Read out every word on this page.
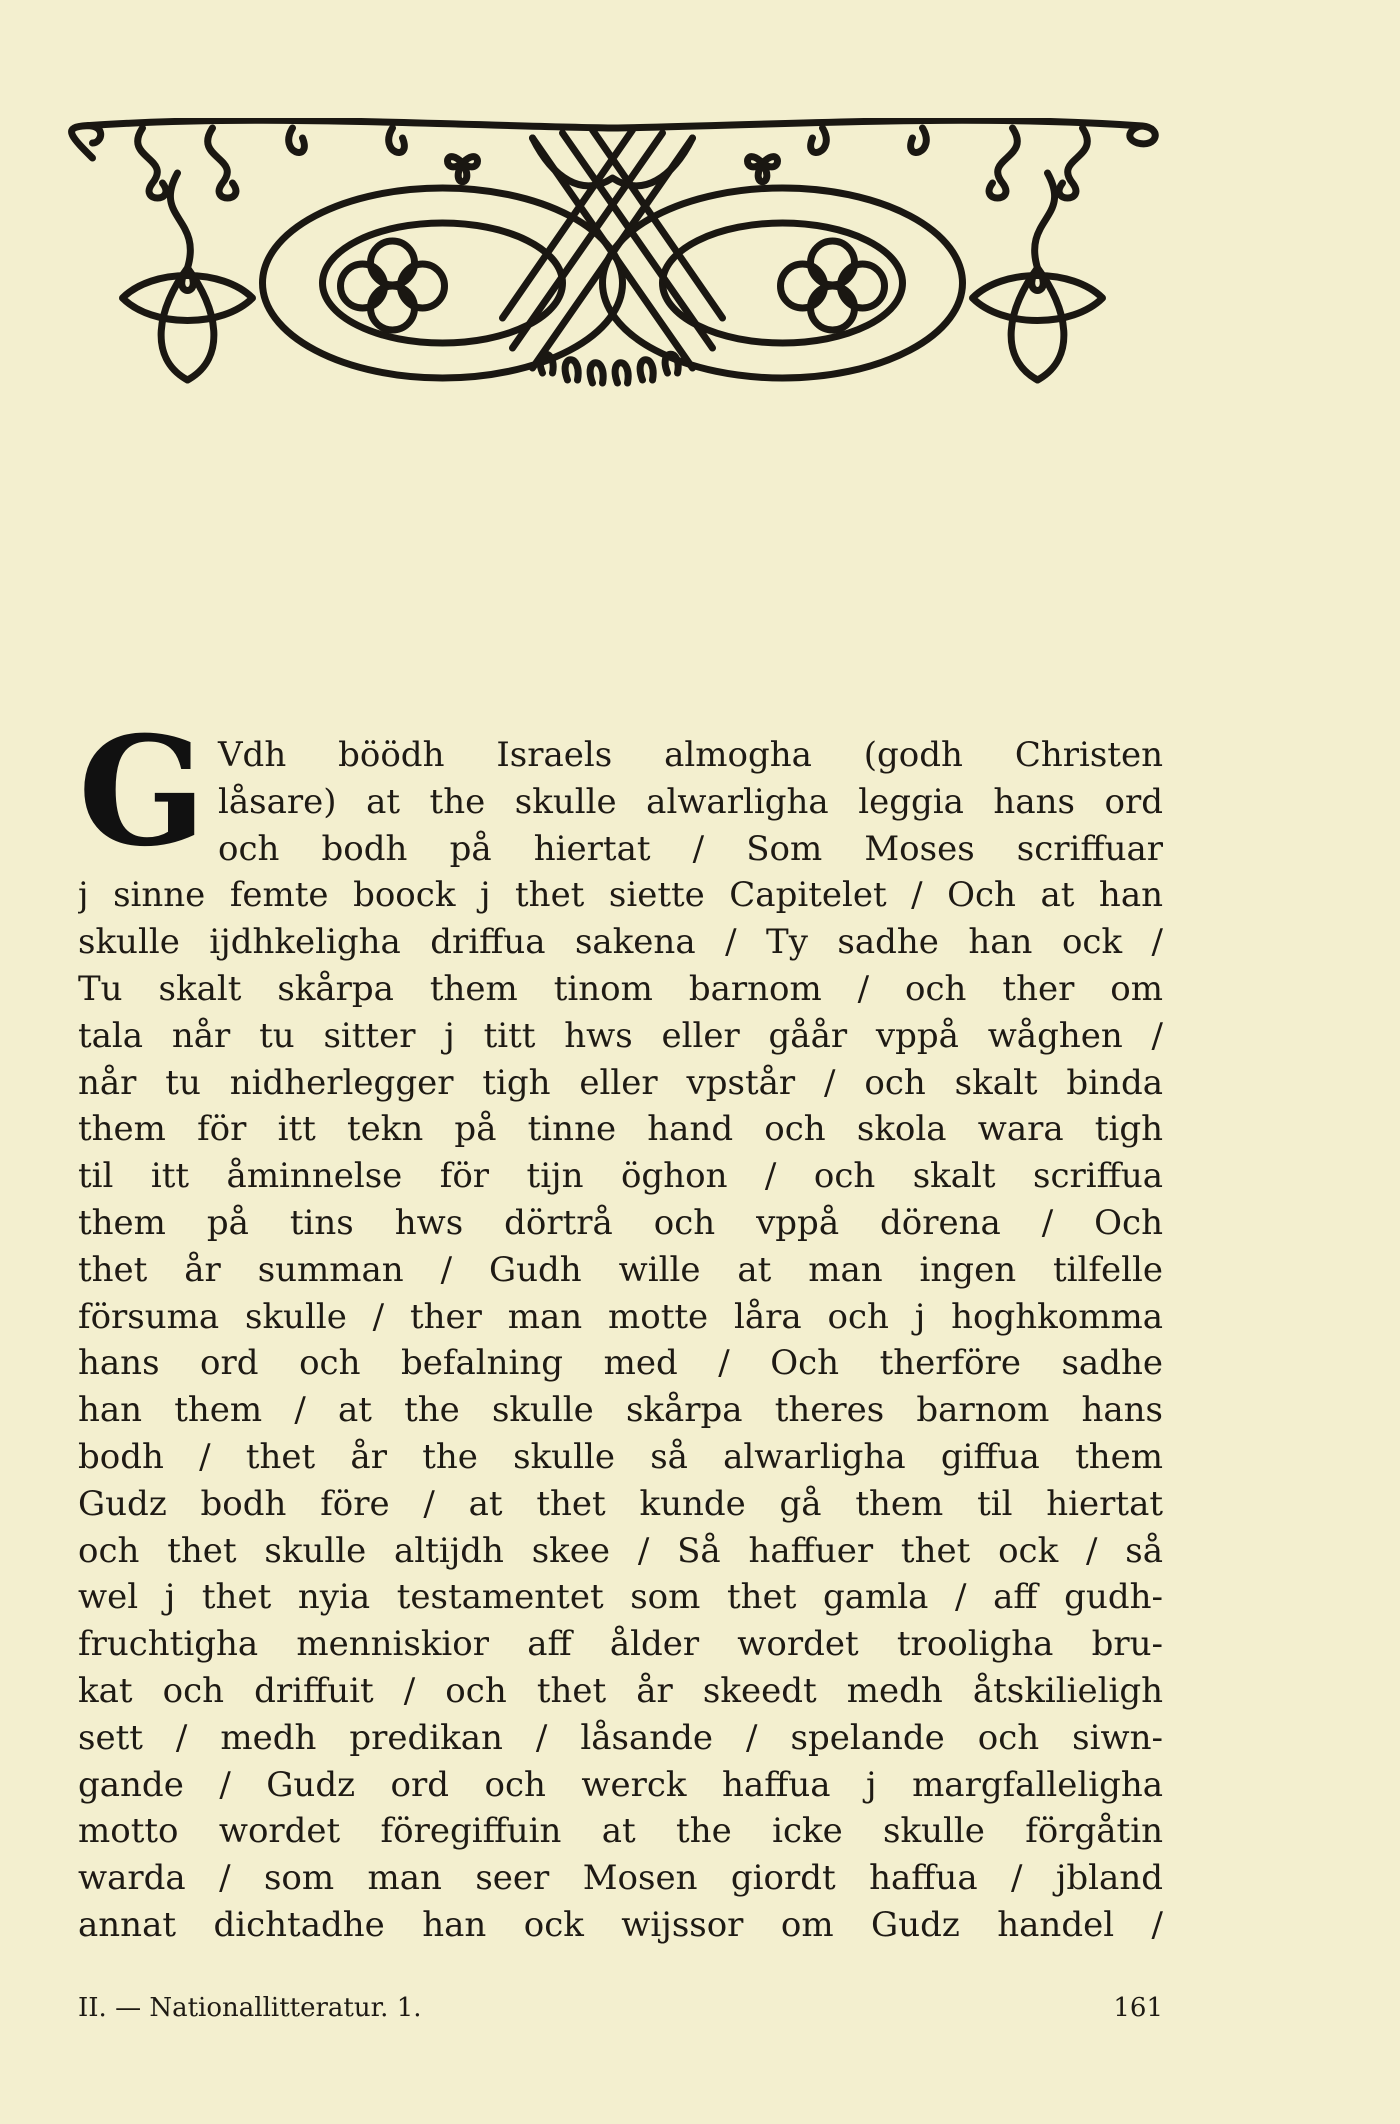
G Vdh böödh Israels almogha (godh Christen
låsare) at the skulle alwarligha leggia hans ord
och bodh på hiertat / Som Moses scriffuar
j sinne femte boock j thet siette Capitelet / Och at han
skulle ijdhkeligha driffua sakena / Ty sadhe han ock /
Tu skalt skårpa them tinom barnom / och ther om
tala når tu sitter j titt hws eller gåår vppå wåghen /
når tu nidherlegger tigh eller vpstår / och skalt binda
them för itt tekn på tinne hand och skola wara tigh
til itt åminnelse för tijn öghon / och skalt scriffua
them på tins hws dörtrå och vppå dörena / Och
thet år summan / Gudh wille at man ingen tilfelle
försuma skulle / ther man motte låra och j hoghkomma
hans ord och befalning med / Och therföre sadhe
han them / at the skulle skårpa theres barnom hans
bodh / thet år the skulle så alwarligha giffua them
Gudz bodh före / at thet kunde gå them til hiertat
och thet skulle altijdh skee / Så haffuer thet ock / så
wel j thet nyia testamentet som thet gamla / aff gudh-
fruchtigha menniskior aff ålder wordet trooligha bru-
kat och driffuit / och thet år skeedt medh åtskilieligh
sett / medh predikan / låsande / spelande och siwn-
gande / Gudz ord och werck haffua j margfalleligha
motto wordet föregiffuin at the icke skulle förgåtin
warda / som man seer Mosen giordt haffua / jbland
annat dichtadhe han ock wijssor om Gudz handel /
II. — Nationallitteratur. 1.	161
